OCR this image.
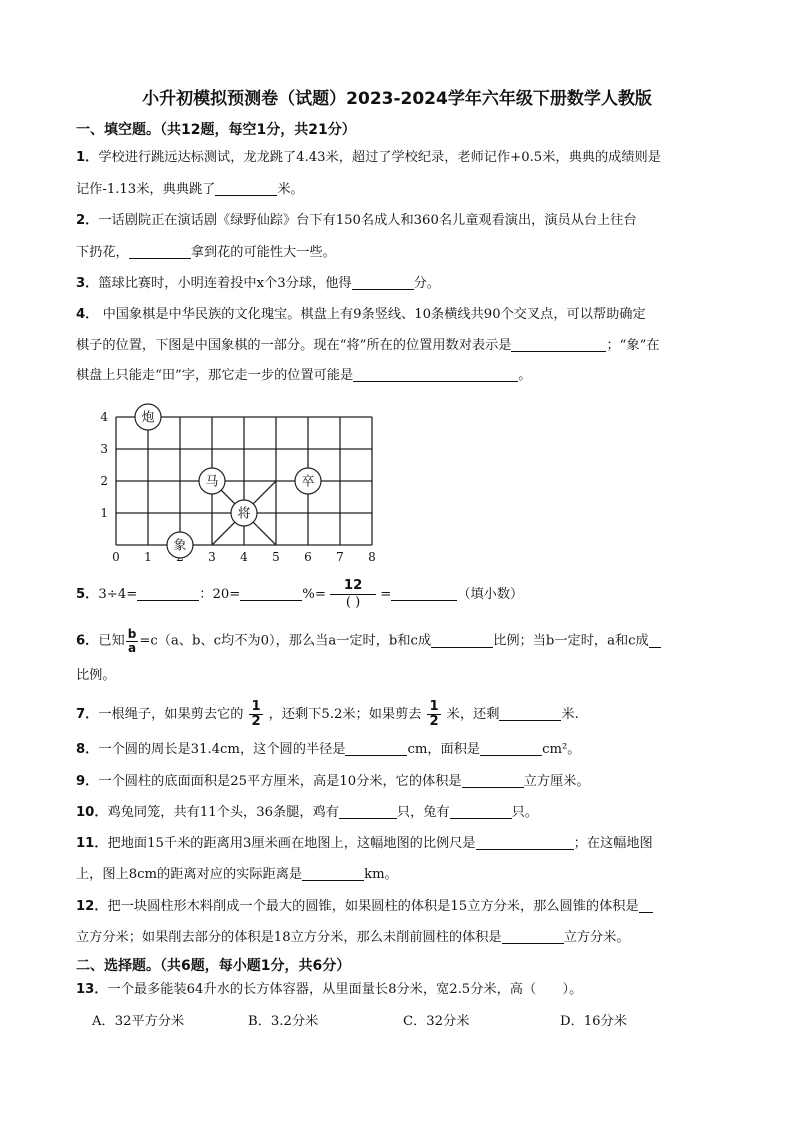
小升初模拟预测卷（试题）2023-2024学年六年级下册数学人教版
一、填空题。（共12题，每空1分，共21分）
1．学校进行跳远达标测试，龙龙跳了4.43米，超过了学校纪录，老师记作+0.5米，典典的成绩则是
记作-1.13米，典典跳了	米。
2．一话剧院正在演话剧《绿野仙踪》台下有150名成人和360名儿童观看演出，演员从台上往台
下扔花，	拿到花的可能性大一些。
3．篮球比赛时，小明连着投中x个3分球，他得	分。
4． 中国象棋是中华民族的文化瑰宝。棋盘上有9条竖线、10条横线共90个交叉点，可以帮助确定
棋子的位置，下图是中国象棋的一部分。现在“将”所在的位置用数对表示是	；“象”在
棋盘上只能走“田”字，那它走一步的位置可能是	。
0 1	3 4 5 6 7 8
1
2
3
4	炮
马	卒
将
象
5．3÷4=	：20=	%=
12
( )
=	（填小数）
6．已知 $\frac{b}{a} =c(a$、b、c均不为0），那么当a一定时，b和c成	比例；当b一定时，a和c成
比例。
7．一根绳子，如果剪去它的 $\frac{1}{2}$ ，还剩下5.2米；如果剪去 $\frac{1}{2}$ 米，还剩	米.
8．一个圆的周长是31.4cm，这个圆的半径是	cm，面积是	cm²。
9．一个圆柱的底面面积是25平方厘米，高是10分米，它的体积是	立方厘米。
10．鸡兔同笼，共有11个头，36条腿，鸡有	只，兔有	只。
11．把地面15千米的距离用3厘米画在地图上，这幅地图的比例尺是	；在这幅地图
上，图上8cm的距离对应的实际距离是	km。
12．把一块圆柱形木料削成一个最大的圆锥，如果圆柱的体积是15立方分米，那么圆锥的体积是
立方分米；如果削去部分的体积是18立方分米，那么未削前圆柱的体积是	立方分米。
二、选择题。（共6题，每小题1分，共6分）
13．一个最多能装64升水的长方体容器，从里面量长8分米，宽2.5分米，高（　　）。
A．32平方分米	B．3.2分米	C．32分米	D．16分米
